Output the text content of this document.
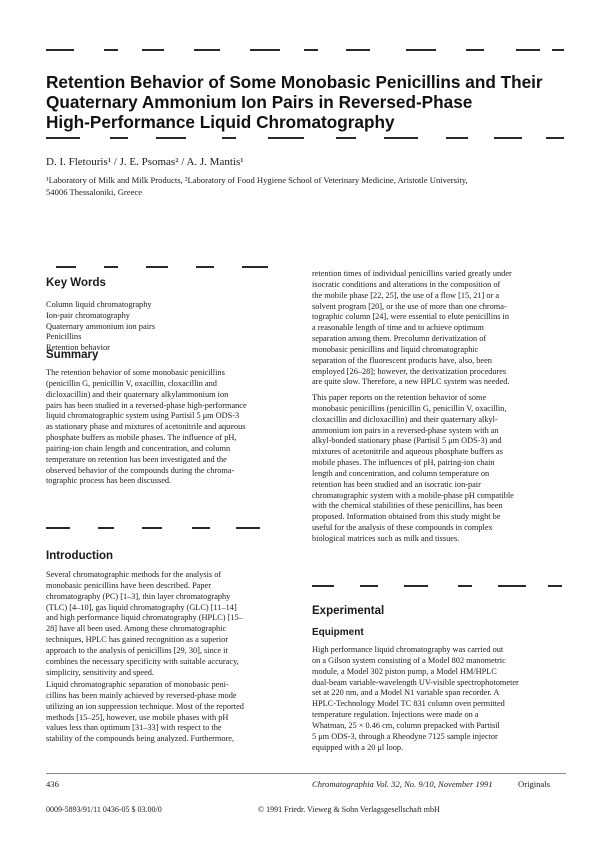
Retention Behavior of Some Monobasic Penicillins and Their
Quaternary Ammonium Ion Pairs in Reversed-Phase
High-Performance Liquid Chromatography
D. I. Fletouris¹ / J. E. Psomas² / A. J. Mantis¹
¹Laboratory of Milk and Milk Products, ²Laboratory of Food Hygiene School of Veterinary Medicine, Aristotle University,
54006 Thessaloniki, Greece
Key Words
Column liquid chromatography
Ion-pair chromatography
Quaternary ammonium ion pairs
Penicillins
Retention behavior
Summary
The retention behavior of some monobasic penicillins
(penicillin G, penicillin V, oxacillin, cloxacillin and
dicloxacillin) and their quaternary alkylammonium ion
pairs has been studied in a reversed-phase high-performance
liquid chromatographic system using Partisil 5 μm ODS-3
as stationary phase and mixtures of acetonitrile and aqueous
phosphate buffers as mobile phases. The influence of pH,
pairing-ion chain length and concentration, and column
temperature on retention has been investigated and the
observed behavior of the compounds during the chroma-
tographic process has been discussed.
Introduction
Several chromatographic methods for the analysis of
monobasic penicillins have been described. Paper
chromatography (PC) [1–3], thin layer chromatography
(TLC) [4–10], gas liquid chromatography (GLC) [11–14]
and high performance liquid chromatography (HPLC) [15–
28] have all been used. Among these chromatographic
techniques, HPLC has gained recognition as a superior
approach to the analysis of penicillins [29, 30], since it
combines the necessary specificity with suitable accuracy,
simplicity, sensitivity and speed.
Liquid chromatographic separation of monobasic peni-
cillins has been mainly achieved by reversed-phase mode
utilizing an ion suppression technique. Most of the reported
methods [15–25], however, use mobile phases with pH
values less than optimum [31–33] with respect to the
stability of the compounds being analyzed. Furthermore,
retention times of individual penicillins varied greatly under
isocratic conditions and alterations in the composition of
the mobile phase [22, 25], the use of a flow [15, 21] or a
solvent program [20], or the use of more than one chroma-
tographic column [24], were essential to elute penicillins in
a reasonable length of time and to achieve optimum
separation among them. Precolumn derivatization of
monobasic penicillins and liquid chromatographic
separation of the fluorescent products have, also, been
employed [26–28]; however, the derivatization procedures
are quite slow. Therefore, a new HPLC system was needed.
This paper reports on the retention behavior of some
monobasic penicillins (penicillin G, penicillin V, oxacillin,
cloxacillin and dicloxacillin) and their quaternary alkyl-
ammonium ion pairs in a reversed-phase system with an
alkyl-bonded stationary phase (Partisil 5 μm ODS-3) and
mixtures of acetonitrile and aqueous phosphate buffers as
mobile phases. The influences of pH, pairing-ion chain
length and concentration, and column temperature on
retention has been studied and an isocratic ion-pair
chromatographic system with a mobile-phase pH compatible
with the chemical stabilities of these penicillins, has been
proposed. Information obtained from this study might be
useful for the analysis of these compounds in complex
biological matrices such as milk and tissues.
Experimental
Equipment
High performance liquid chromatography was carried out
on a Gilson system consisting of a Model 802 manometric
module, a Model 302 piston pump, a Model HM/HPLC
dual-beam variable-wavelength UV-visible spectrophotometer
set at 220 nm, and a Model N1 variable span recorder. A
HPLC-Technology Model TC 831 column oven permitted
temperature regulation. Injections were made on a
Whatman, 25 × 0.46 cm, column prepacked with Partisil
5 μm ODS-3, through a Rheodyne 7125 sample injector
equipped with a 20 μl loop.
436	Chromatographia Vol. 32, No. 9/10, November 1991	Originals
0009-5893/91/11 0436-05 $ 03.00/0	© 1991 Friedr. Vieweg & Sohn Verlagsgesellschaft mbH
